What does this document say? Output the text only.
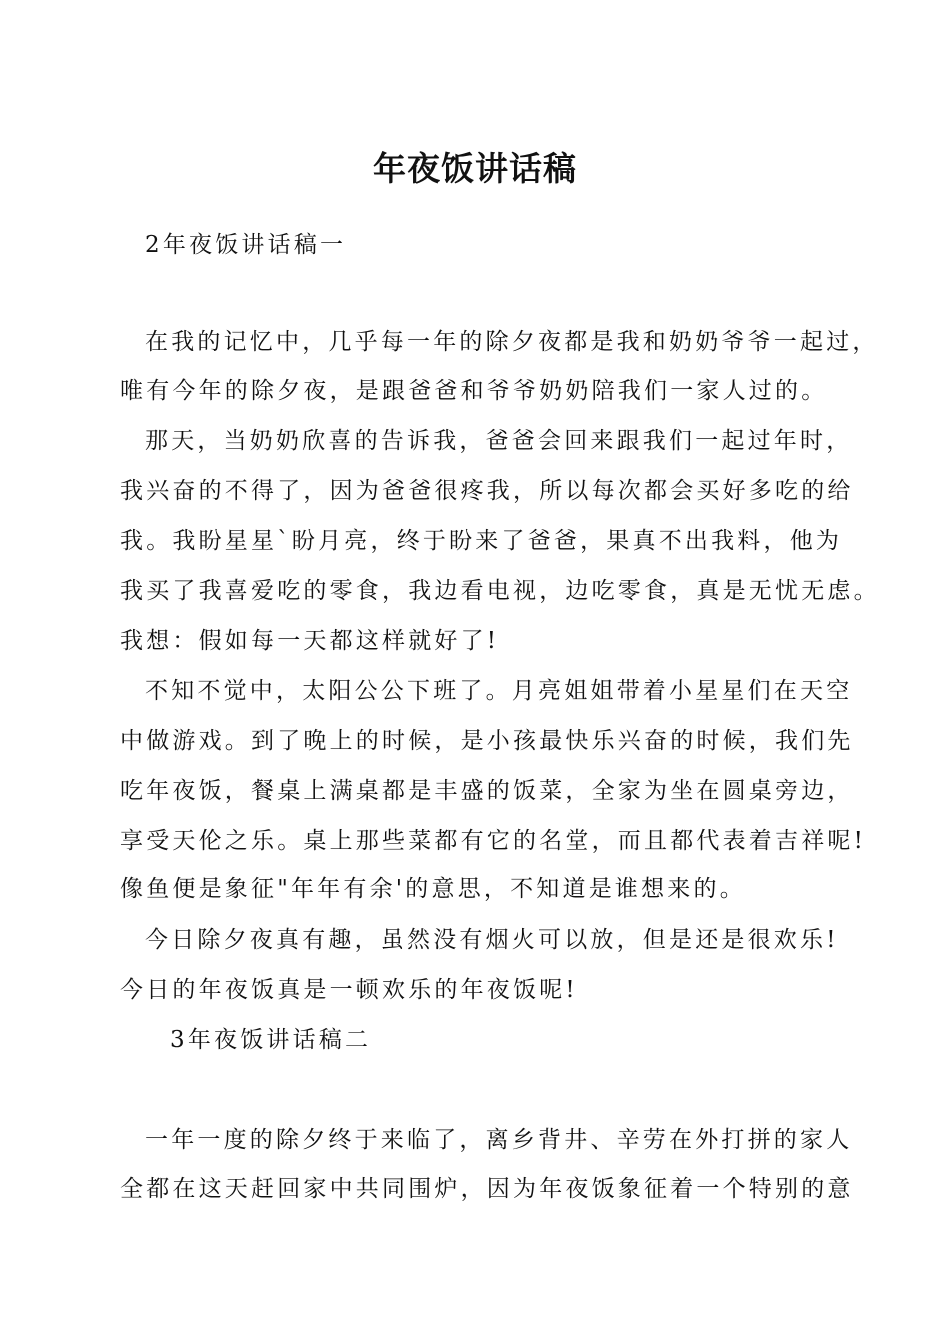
年夜饭讲话稿
2年夜饭讲话稿一
在我的记忆中，几乎每一年的除夕夜都是我和奶奶爷爷一起过，
唯有今年的除夕夜，是跟爸爸和爷爷奶奶陪我们一家人过的。
那天，当奶奶欣喜的告诉我，爸爸会回来跟我们一起过年时，
我兴奋的不得了，因为爸爸很疼我，所以每次都会买好多吃的给
我。我盼星星`盼月亮，终于盼来了爸爸，果真不出我料，他为
我买了我喜爱吃的零食，我边看电视，边吃零食，真是无忧无虑。
我想：假如每一天都这样就好了!
不知不觉中，太阳公公下班了。月亮姐姐带着小星星们在天空
中做游戏。到了晚上的时候，是小孩最快乐兴奋的时候，我们先
吃年夜饭，餐桌上满桌都是丰盛的饭菜，全家为坐在圆桌旁边，
享受天伦之乐。桌上那些菜都有它的名堂，而且都代表着吉祥呢!
像鱼便是象征"年年有余'的意思，不知道是谁想来的。
今日除夕夜真有趣，虽然没有烟火可以放，但是还是很欢乐!
今日的年夜饭真是一顿欢乐的年夜饭呢!
3年夜饭讲话稿二
一年一度的除夕终于来临了，离乡背井、辛劳在外打拼的家人
全都在这天赶回家中共同围炉，因为年夜饭象征着一个特别的意
